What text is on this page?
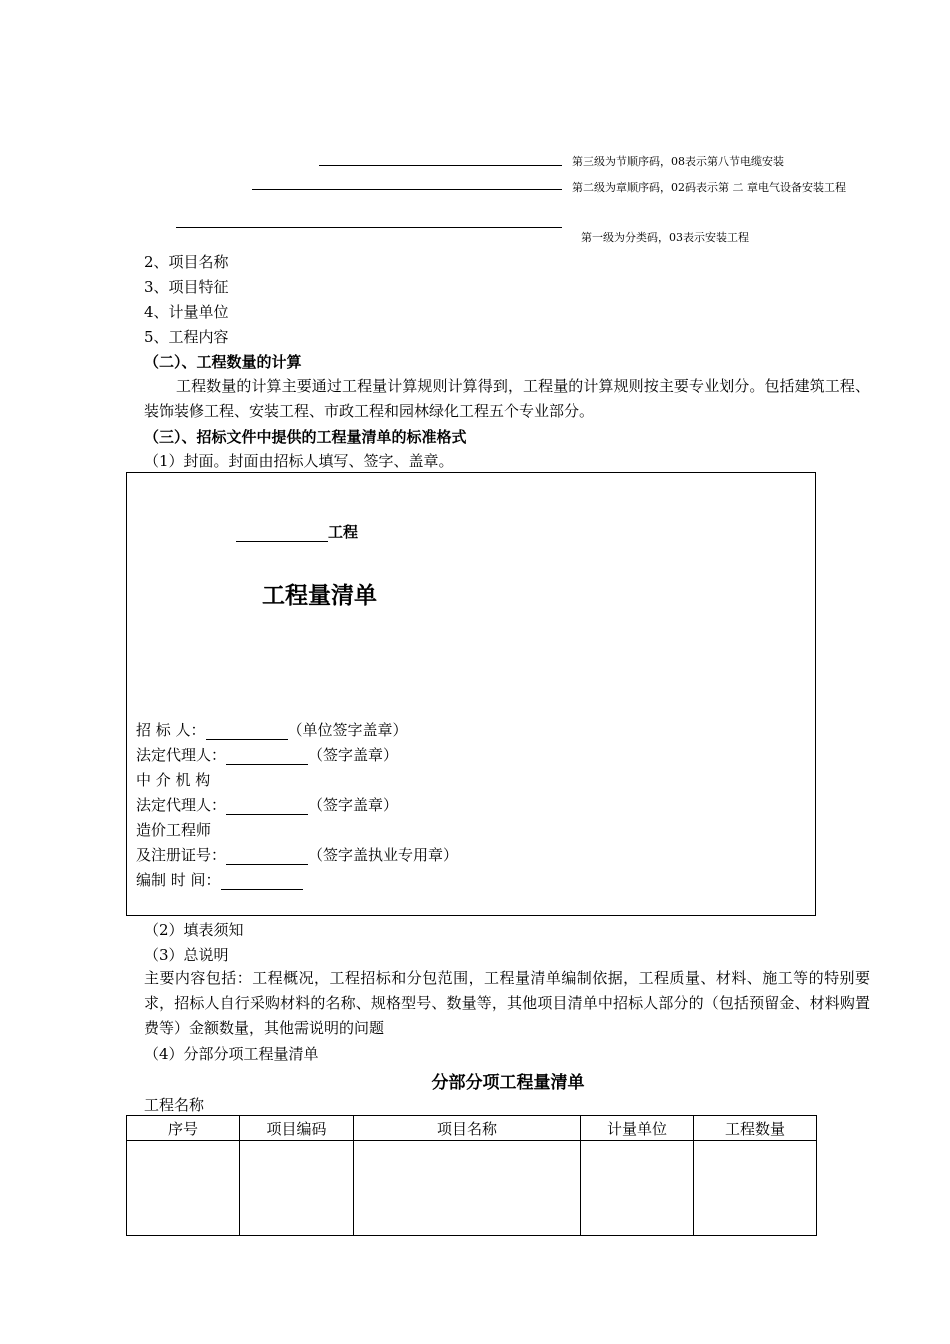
第三级为节顺序码，08表示第八节电缆安装
第二级为章顺序码，02码表示第 二 章电气设备安装工程
第一级为分类码，03表示安装工程
2、项目名称
3、项目特征
4、计量单位
5、工程内容
（二）、工程数量的计算
工程数量的计算主要通过工程量计算规则计算得到，工程量的计算规则按主要专业划分。包括建筑工程、装饰装修工程、安装工程、市政工程和园林绿化工程五个专业部分。
（三）、招标文件中提供的工程量清单的标准格式
（1）封面。封面由招标人填写、签字、盖章。
工程
工程量清单
招 标 人：	（单位签字盖章）
法定代理人：	（签字盖章）
中 介 机 构
法定代理人：	（签字盖章）
造价工程师
及注册证号：	（签字盖执业专用章）
编制 时 间：
（2）填表须知
（3）总说明
主要内容包括：工程概况，工程招标和分包范围，工程量清单编制依据，工程质量、材料、施工等的特别要求，招标人自行采购材料的名称、规格型号、数量等，其他项目清单中招标人部分的（包括预留金、材料购置费等）金额数量，其他需说明的问题
（4）分部分项工程量清单
分部分项工程量清单
工程名称
序号	项目编码	项目名称	计量单位	工程数量
